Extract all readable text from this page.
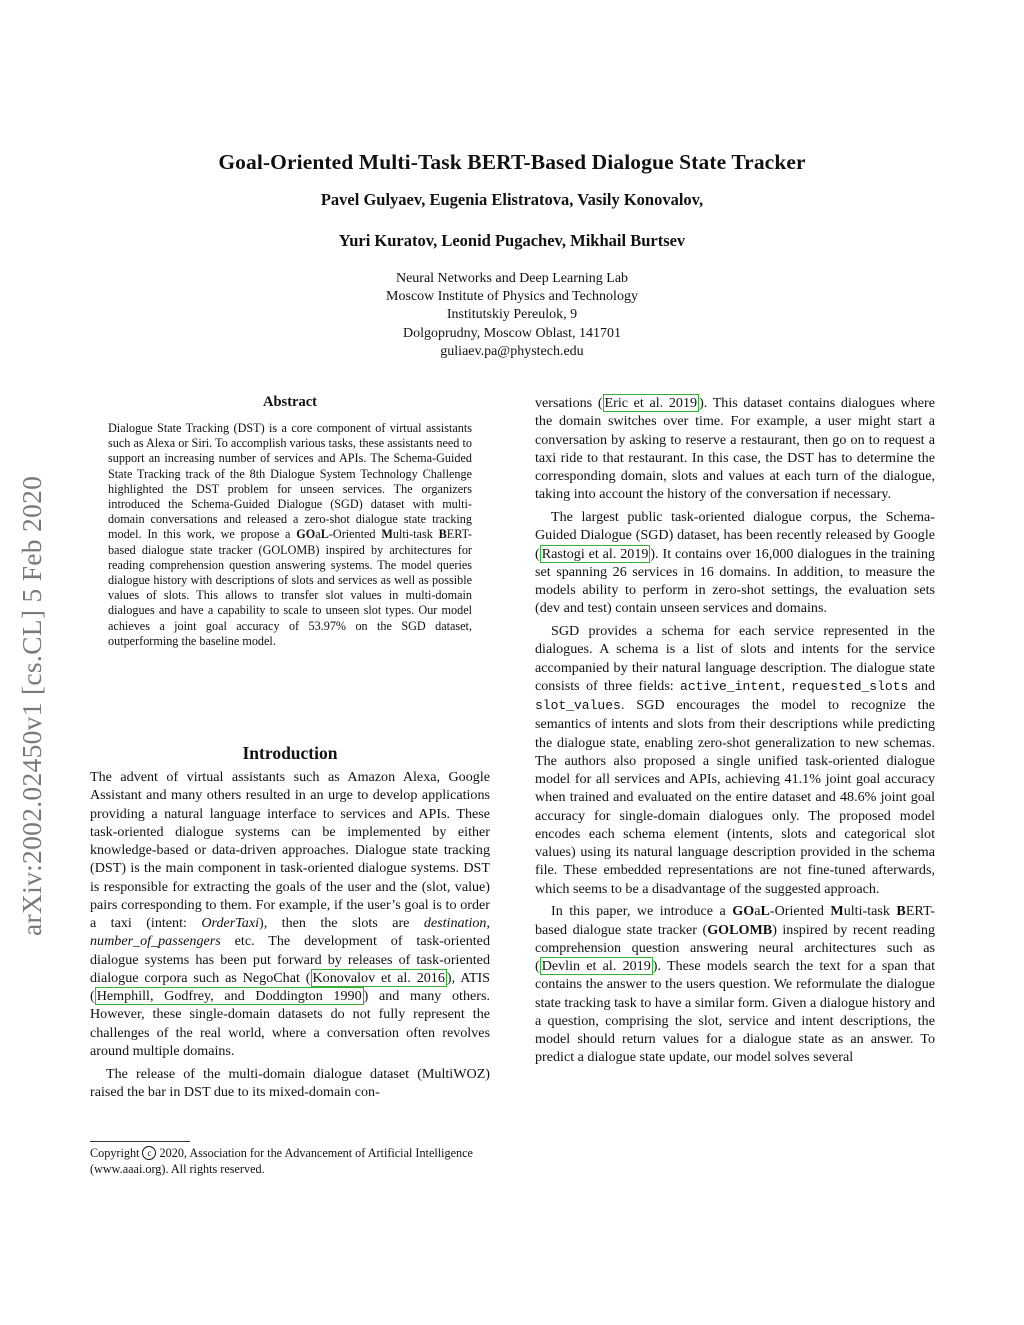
arXiv:2002.02450v1 [cs.CL] 5 Feb 2020
Goal-Oriented Multi-Task BERT-Based Dialogue State Tracker
Pavel Gulyaev, Eugenia Elistratova, Vasily Konovalov,
Yuri Kuratov, Leonid Pugachev, Mikhail Burtsev
Neural Networks and Deep Learning Lab
Moscow Institute of Physics and Technology
Institutskiy Pereulok, 9
Dolgoprudny, Moscow Oblast, 141701
guliaev.pa@phystech.edu
Abstract
Dialogue State Tracking (DST) is a core component of virtual assistants such as Alexa or Siri. To accomplish various tasks, these assistants need to support an increasing number of services and APIs. The Schema-Guided State Tracking track of the 8th Dialogue System Technology Challenge highlighted the DST problem for unseen services. The organizers introduced the Schema-Guided Dialogue (SGD) dataset with multi-domain conversations and released a zero-shot dialogue state tracking model. In this work, we propose a GOaL-Oriented Multi-task BERT-based dialogue state tracker (GOLOMB) inspired by architectures for reading comprehension question answering systems. The model queries dialogue history with descriptions of slots and services as well as possible values of slots. This allows to transfer slot values in multi-domain dialogues and have a capability to scale to unseen slot types. Our model achieves a joint goal accuracy of 53.97% on the SGD dataset, outperforming the baseline model.
Introduction

The advent of virtual assistants such as Amazon Alexa, Google Assistant and many others resulted in an urge to develop applications providing a natural language interface to services and APIs. These task-oriented dialogue systems can be implemented by either knowledge-based or data-driven approaches. Dialogue state tracking (DST) is the main component in task-oriented dialogue systems. DST is responsible for extracting the goals of the user and the (slot, value) pairs corresponding to them. For example, if the user’s goal is to order a taxi (intent: OrderTaxi), then the slots are destination, number_of_passengers etc. The development of task-oriented dialogue systems has been put forward by releases of task-oriented dialogue corpora such as NegoChat ( Konovalov et al. 2016 ), ATIS ( Hemphill, Godfrey, and Doddington 1990 ) and many others. However, these single-domain datasets do not fully represent the challenges of the real world, where a conversation often revolves around multiple domains.

The release of the multi-domain dialogue dataset (MultiWOZ) raised the bar in DST due to its mixed-domain con-

Copyright c 2020, Association for the Advancement of Artificial Intelligence (www.aaai.org). All rights reserved.

versations ( Eric et al. 2019 ). This dataset contains dialogues where the domain switches over time. For example, a user might start a conversation by asking to reserve a restaurant, then go on to request a taxi ride to that restaurant. In this case, the DST has to determine the corresponding domain, slots and values at each turn of the dialogue, taking into account the history of the conversation if necessary.

The largest public task-oriented dialogue corpus, the Schema-Guided Dialogue (SGD) dataset, has been recently released by Google ( Rastogi et al. 2019 ). It contains over 16,000 dialogues in the training set spanning 26 services in 16 domains. In addition, to measure the models ability to perform in zero-shot settings, the evaluation sets (dev and test) contain unseen services and domains.

SGD provides a schema for each service represented in the dialogues. A schema is a list of slots and intents for the service accompanied by their natural language description. The dialogue state consists of three fields: active_intent, requested_slots and slot_values. SGD encourages the model to recognize the semantics of intents and slots from their descriptions while predicting the dialogue state, enabling zero-shot generalization to new schemas. The authors also proposed a single unified task-oriented dialogue model for all services and APIs, achieving 41.1% joint goal accuracy when trained and evaluated on the entire dataset and 48.6% joint goal accuracy for single-domain dialogues only. The proposed model encodes each schema element (intents, slots and categorical slot values) using its natural language description provided in the schema file. These embedded representations are not fine-tuned afterwards, which seems to be a disadvantage of the suggested approach.

In this paper, we introduce a GOaL-Oriented Multi-task BERT-based dialogue state tracker (GOLOMB) inspired by recent reading comprehension question answering neural architectures such as ( Devlin et al. 2019 ). These models search the text for a span that contains the answer to the users question. We reformulate the dialogue state tracking task to have a similar form. Given a dialogue history and a question, comprising the slot, service and intent descriptions, the model should return values for a dialogue state as an answer. To predict a dialogue state update, our model solves several
